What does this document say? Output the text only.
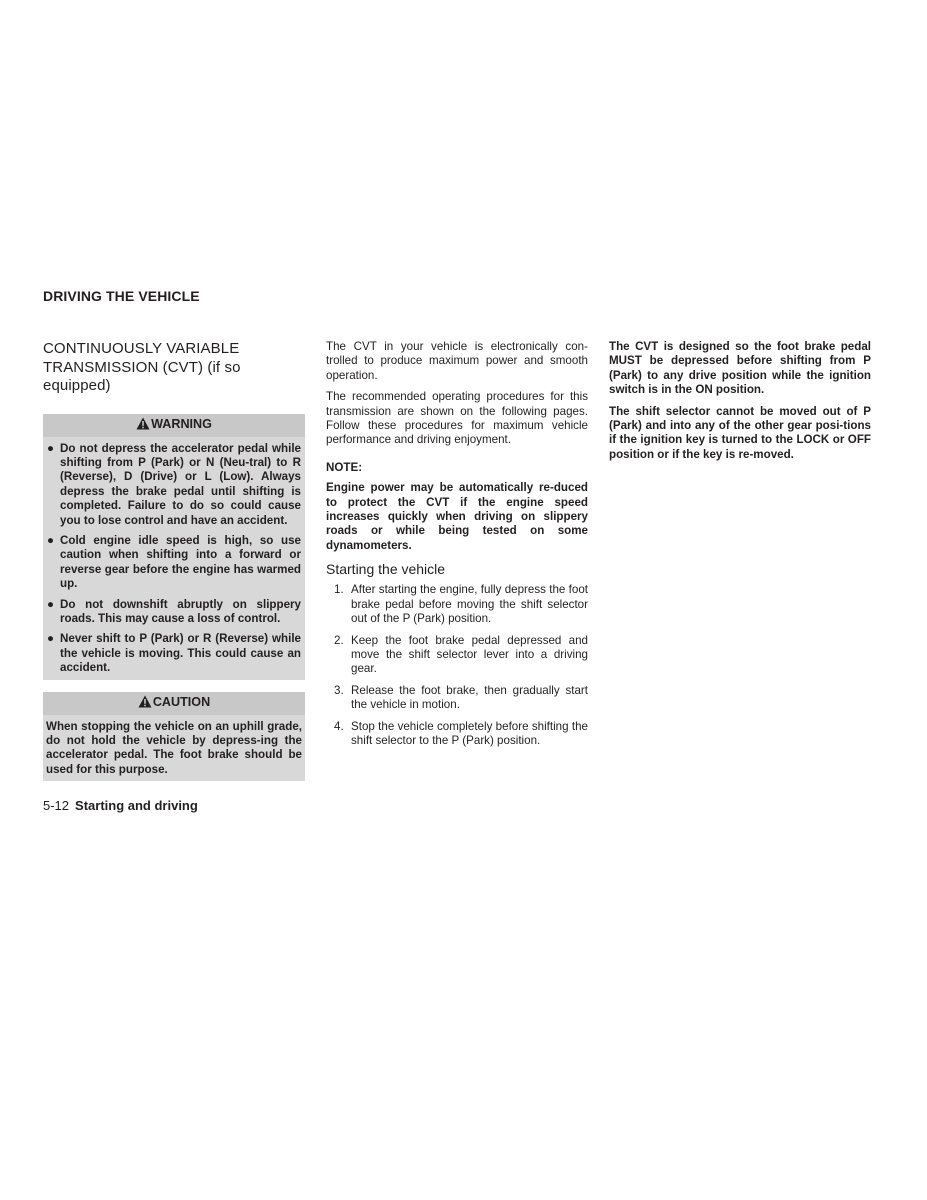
DRIVING THE VEHICLE
CONTINUOUSLY VARIABLE TRANSMISSION (CVT) (if so equipped)
WARNING
● Do not depress the accelerator pedal while shifting from P (Park) or N (Neu-tral) to R (Reverse), D (Drive) or L (Low). Always depress the brake pedal until shifting is completed. Failure to do so could cause you to lose control and have an accident.
● Cold engine idle speed is high, so use caution when shifting into a forward or reverse gear before the engine has warmed up.
● Do not downshift abruptly on slippery roads. This may cause a loss of control.
● Never shift to P (Park) or R (Reverse) while the vehicle is moving. This could cause an accident.
CAUTION
When stopping the vehicle on an uphill grade, do not hold the vehicle by depress-ing the accelerator pedal. The foot brake should be used for this purpose.

The CVT in your vehicle is electronically con-trolled to produce maximum power and smooth operation.

The recommended operating procedures for this transmission are shown on the following pages. Follow these procedures for maximum vehicle performance and driving enjoyment.

NOTE:

Engine power may be automatically re-duced to protect the CVT if the engine speed increases quickly when driving on slippery roads or while being tested on some dynamometers.

Starting the vehicle
1. After starting the engine, fully depress the foot brake pedal before moving the shift selector out of the P (Park) position.
2. Keep the foot brake pedal depressed and move the shift selector lever into a driving gear.
3. Release the foot brake, then gradually start the vehicle in motion.
4. Stop the vehicle completely before shifting the shift selector to the P (Park) position.

The CVT is designed so the foot brake pedal MUST be depressed before shifting from P (Park) to any drive position while the ignition switch is in the ON position.

The shift selector cannot be moved out of P (Park) and into any of the other gear posi-tions if the ignition key is turned to the LOCK or OFF position or if the key is re-moved.

5-12 Starting and driving
